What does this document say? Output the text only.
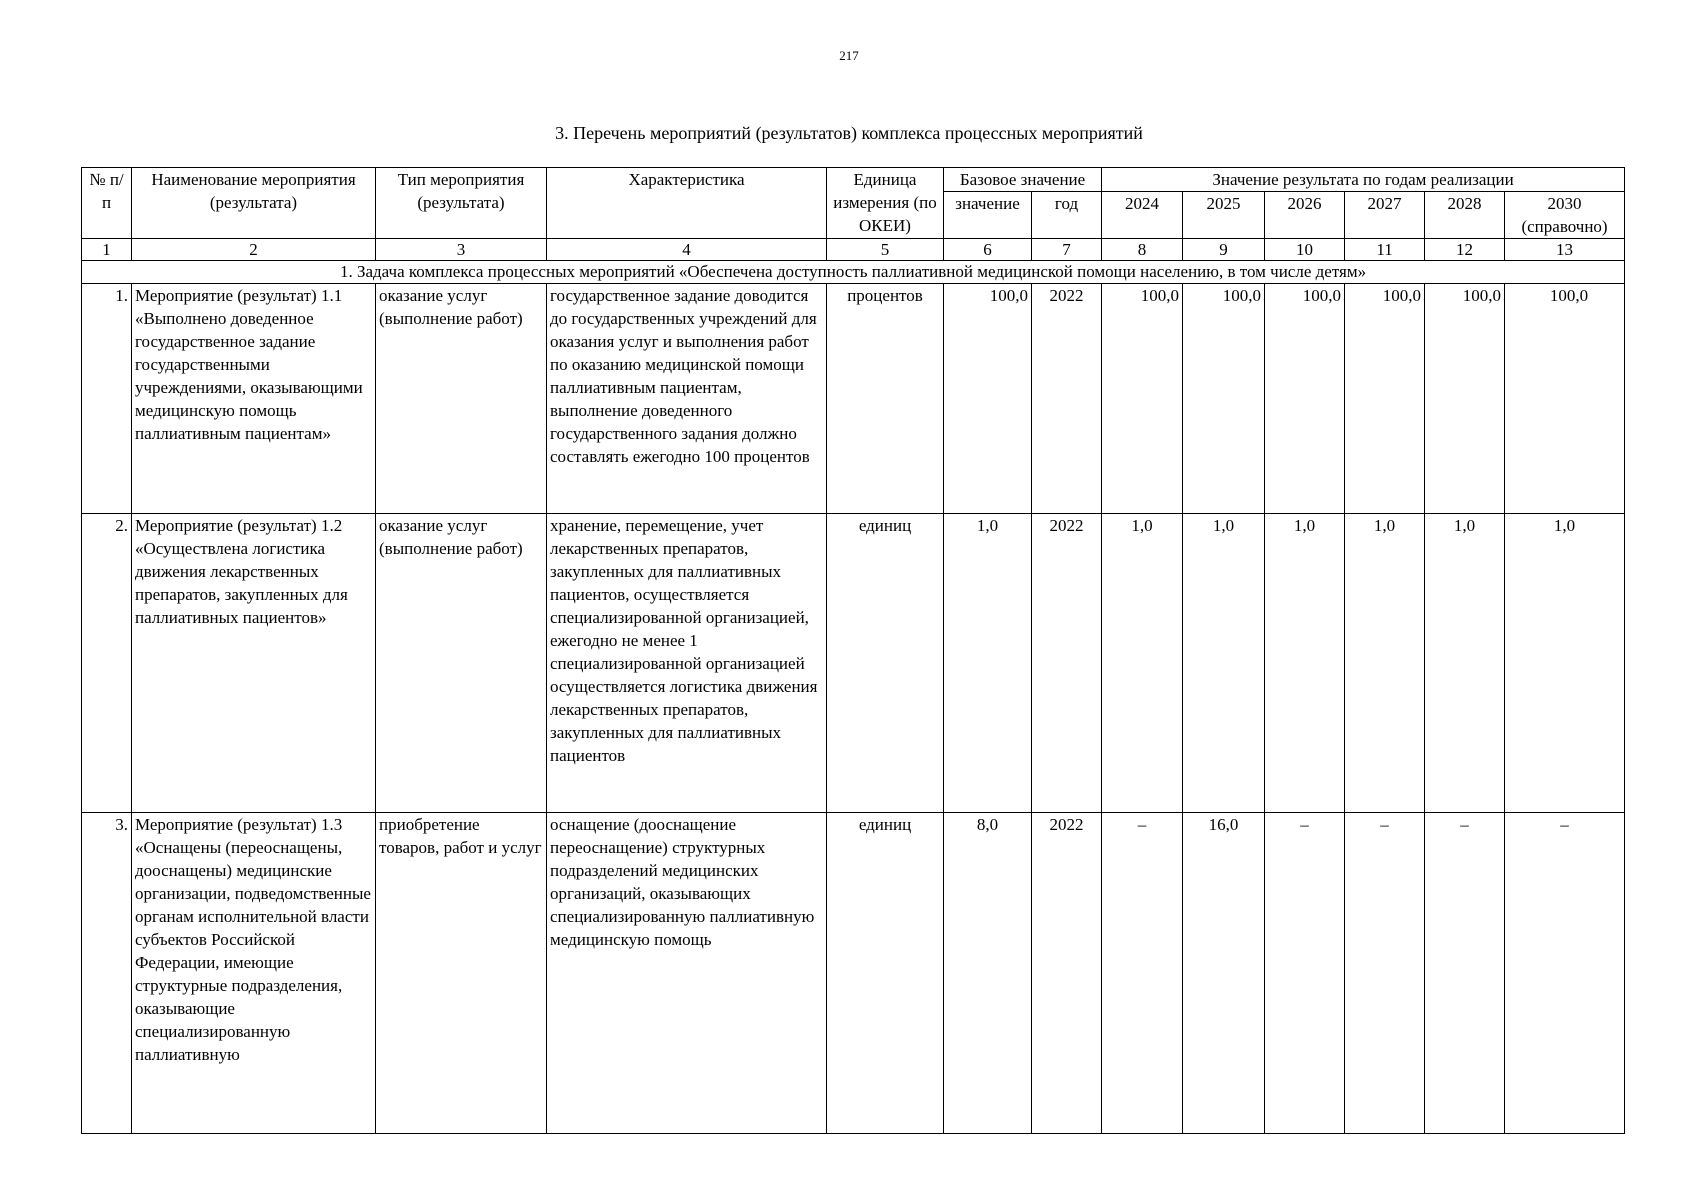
217
3. Перечень мероприятий (результатов) комплекса процессных мероприятий
№ п/п	Наименование мероприятия (результата)	Тип мероприятия (результата)	Характеристика	Единица измерения (по ОКЕИ)	Базовое значение		Значение результата по годам реализации					

					значение	год	2024	2025	2026	2027	2028	2030 (справочно)
1	2	3	4	5	6	7	8	9	10	11	12	13
1. Задача комплекса процессных мероприятий «Обеспечена доступность паллиативной медицинской помощи населению, в том числе детям»												
1.	Мероприятие (результат) 1.1 «Выполнено доведенное государственное задание государственными учреждениями, оказывающими медицинскую помощь паллиативным пациентам»	оказание услуг (выполнение работ)	государственное задание доводится до государственных учреждений для оказания услуг и выполнения работ по оказанию медицинской помощи паллиативным пациентам, выполнение доведенного государственного задания должно составлять ежегодно 100 процентов	процентов	100,0	2022	100,0	100,0	100,0	100,0	100,0	100,0
2.	Мероприятие (результат) 1.2 «Осуществлена логистика движения лекарственных препаратов, закупленных для паллиативных пациентов»	оказание услуг (выполнение работ)	хранение, перемещение, учет лекарственных препаратов, закупленных для паллиативных пациентов, осуществляется специализированной организацией, ежегодно не менее 1 специализированной организацией осуществляется логистика движения лекарственных препаратов, закупленных для паллиативных пациентов	единиц	1,0	2022	1,0	1,0	1,0	1,0	1,0	1,0
3.	Мероприятие (результат) 1.3 «Оснащены (переоснащены, дооснащены) медицинские организации, подведомственные органам исполнительной власти субъектов Российской Федерации, имеющие структурные подразделения, оказывающие специализированную паллиативную	приобретение товаров, работ и услуг	оснащение (дооснащение переоснащение) структурных подразделений медицинских организаций, оказывающих специализированную паллиативную медицинскую помощь	единиц	8,0	2022	–	16,0	–	–	–	–
